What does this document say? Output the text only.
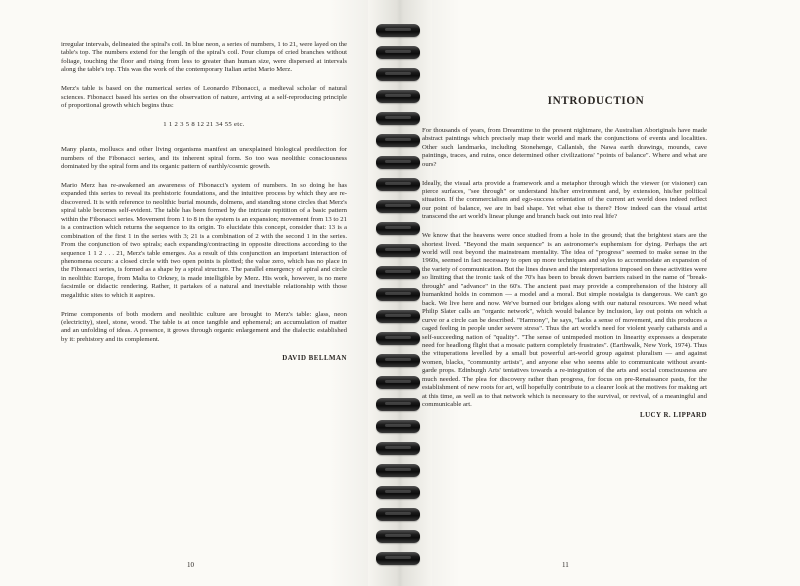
irregular intervals, delineated the spiral's coil. In blue neon, a series of numbers, 1 to 21, were layed on the table's top. The numbers extend for the length of the spiral's coil. Four clumps of cried branches without foliage, touching the floor and rising from less to greater than human size, were dispersed at intervals along the table's top. This was the work of the contemporary Italian artist Mario Merz.

Merz's table is based on the numerical series of Leonardo Fibonacci, a medieval scholar of natural sciences. Fibonacci based his series on the observation of nature, arriving at a self-reproducing principle of proportional growth which begins thus:

1 1 2 3 5 8 12 21 34 55 etc.

Many plants, molluscs and other living organisms manifest an unexplained biological predilection for numbers of the Fibonacci series, and its inherent spiral form. So too was neolithic consciousness dominated by the spiral form and its organic pattern of earthly/cosmic growth.

Mario Merz has re-awakened an awareness of Fibonacci's system of numbers. In so doing he has expanded this series to reveal its prehistoric foundations, and the intuitive process by which they are re-discovered. It is with reference to neolithic burial mounds, dolmens, and standing stone circles that Merz's spiral table becomes self-evident. The table has been formed by the intricate repitition of a basic pattern within the Fibonacci series. Movement from 1 to 8 in the system is an expansion; movement from 13 to 21 is a contraction which returns the sequence to its origin. To elucidate this concept, consider that: 13 is a combination of the first 1 in the series with 3; 21 is a combination of 2 with the second 1 in the series. From the conjunction of two spirals; each expanding/contracting in opposite directions according to the sequence 1 1 2 . . . 21, Merz's table emerges. As a result of this conjunction an important interaction of phenomena occurs: a closed circle with two open points is plotted; the value zero, which has no place in the Fibonacci series, is formed as a shape by a spiral structure. The parallel emergency of spiral and circle in neolithic Europe, from Malta to Orkney, is made intelligible by Merz. His work, however, is no mere facsimile or didactic rendering. Rather, it partakes of a natural and inevitable relationship with those megalithic sites to which it aspires.

Prime components of both modern and neolithic culture are brought to Merz's table: glass, neon (electricity), steel, stone, wood. The table is at once tangible and ephemeral; an accumulation of matter and an unfolding of ideas. A presence, it grows through organic enlargement and the dialectic established by it: prehistory and its complement.

DAVID BELLMAN
10
INTRODUCTION

For thousands of years, from Dreamtime to the present nightmare, the Australian Aboriginals have made abstract paintings which precisely map their world and mark the conjunctions of events and localities. Other such landmarks, including Stonehenge, Callanish, the Nawa earth drawings, mounds, cave paintings, traces, and ruins, once determined other civilizations' "points of balance". Where and what are ours?

Ideally, the visual arts provide a framework and a metaphor through which the viewer (or visioner) can pierce surfaces, "see through" or understand his/her environment and, by extension, his/her political situation. If the commercialism and ego-success orientation of the current art world does indeed reflect our point of balance, we are in bad shape. Yet what else is there? How indeed can the visual artist transcend the art world's linear plunge and branch back out into real life?

We know that the heavens were once studied from a hole in the ground; that the brightest stars are the shortest lived. "Beyond the main sequence" is an astronomer's euphemism for dying. Perhaps the art world will rest beyond the mainstream mentality. The idea of "progress" seemed to make sense in the 1960s, seemed in fact necessary to open up more techniques and styles to accommodate an expansion of the variety of communication. But the lines drawn and the interpretations imposed on these activities were so limiting that the ironic task of the 70's has been to break down barriers raised in the name of "break-through" and "advance" in the 60's. The ancient past may provide a comprehension of the history all humankind holds in common — a model and a moral. But simple nostalgia is dangerous. We can't go back. We live here and now. We've burned our bridges along with our natural resources. We need what Philip Slater calls an "organic network", which would balance by inclusion, lay out points on which a curve or a circle can be described. "Harmony", he says, "lacks a sense of movement, and this produces a caged feeling in people under severe stress". Thus the art world's need for violent yearly catharsis and a self-succeeding nation of "quality". "The sense of unimpeded motion in linearity expresses a desperate need for headlong flight that a mosaic pattern completely frustrates". (Earthwalk, New York, 1974). Thus the vituperations levelled by a small but powerful art-world group against pluralism — and against women, blacks, "community artists", and anyone else who seems able to communicate without avant-garde props. Edinburgh Arts' tentatives towards a re-integration of the arts and social consciousness are much needed. The plea for discovery rather than progress, for focus on pre-Renaissance pasts, for the establishment of new roots for art, will hopefully contribute to a clearer look at the motives for making art at this time, as well as to that network which is necessary to the survival, or revival, of a meaningful and communicable art.

LUCY R. LIPPARD
11
